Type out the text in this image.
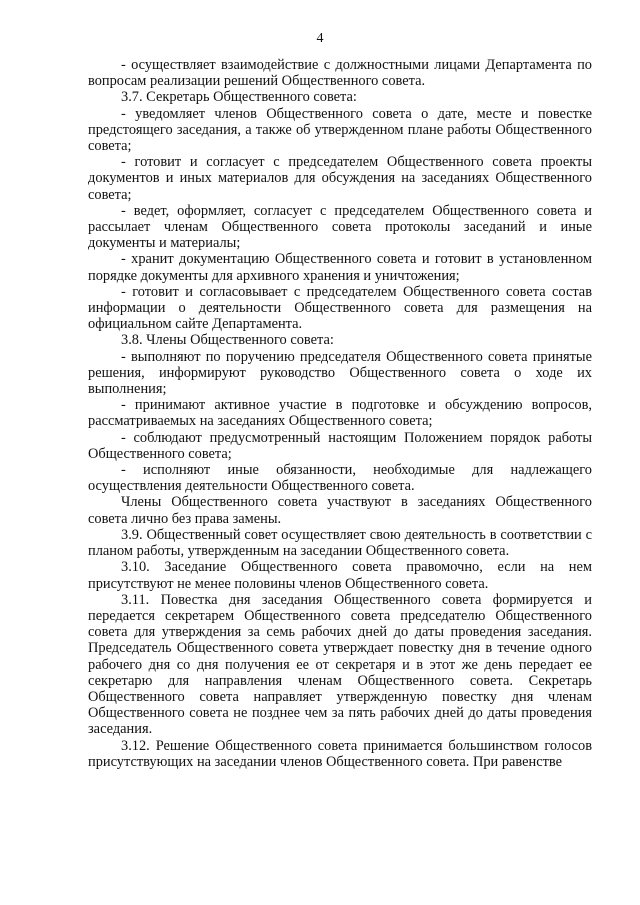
4

- осуществляет взаимодействие с должностными лицами Департамента по вопросам реализации решений Общественного совета.

3.7. Секретарь Общественного совета:

- уведомляет членов Общественного совета о дате, месте и повестке предстоящего заседания, а также об утвержденном плане работы Общественного совета;

- готовит и согласует с председателем Общественного совета проекты документов и иных материалов для обсуждения на заседаниях Общественного совета;

- ведет, оформляет, согласует с председателем Общественного совета и рассылает членам Общественного совета протоколы заседаний и иные документы и материалы;

- хранит документацию Общественного совета и готовит в установленном порядке документы для архивного хранения и уничтожения;

- готовит и согласовывает с председателем Общественного совета состав информации о деятельности Общественного совета для размещения на официальном сайте Департамента.

3.8. Члены Общественного совета:

- выполняют по поручению председателя Общественного совета принятые решения, информируют руководство Общественного совета о ходе их выполнения;

- принимают активное участие в подготовке и обсуждению вопросов, рассматриваемых на заседаниях Общественного совета;

- соблюдают предусмотренный настоящим Положением порядок работы Общественного совета;

- исполняют иные обязанности, необходимые для надлежащего осуществления деятельности Общественного совета.

Члены Общественного совета участвуют в заседаниях Общественного совета лично без права замены.

3.9. Общественный совет осуществляет свою деятельность в соответствии с планом работы, утвержденным на заседании Общественного совета.

3.10. Заседание Общественного совета правомочно, если на нем присутствуют не менее половины членов Общественного совета.

3.11. Повестка дня заседания Общественного совета формируется и передается секретарем Общественного совета председателю Общественного совета для утверждения за семь рабочих дней до даты проведения заседания. Председатель Общественного совета утверждает повестку дня в течение одного рабочего дня со дня получения ее от секретаря и в этот же день передает ее секретарю для направления членам Общественного совета. Секретарь Общественного совета направляет утвержденную повестку дня членам Общественного совета не позднее чем за пять рабочих дней до даты проведения заседания.

3.12. Решение Общественного совета принимается большинством голосов присутствующих на заседании членов Общественного совета. При равенстве
